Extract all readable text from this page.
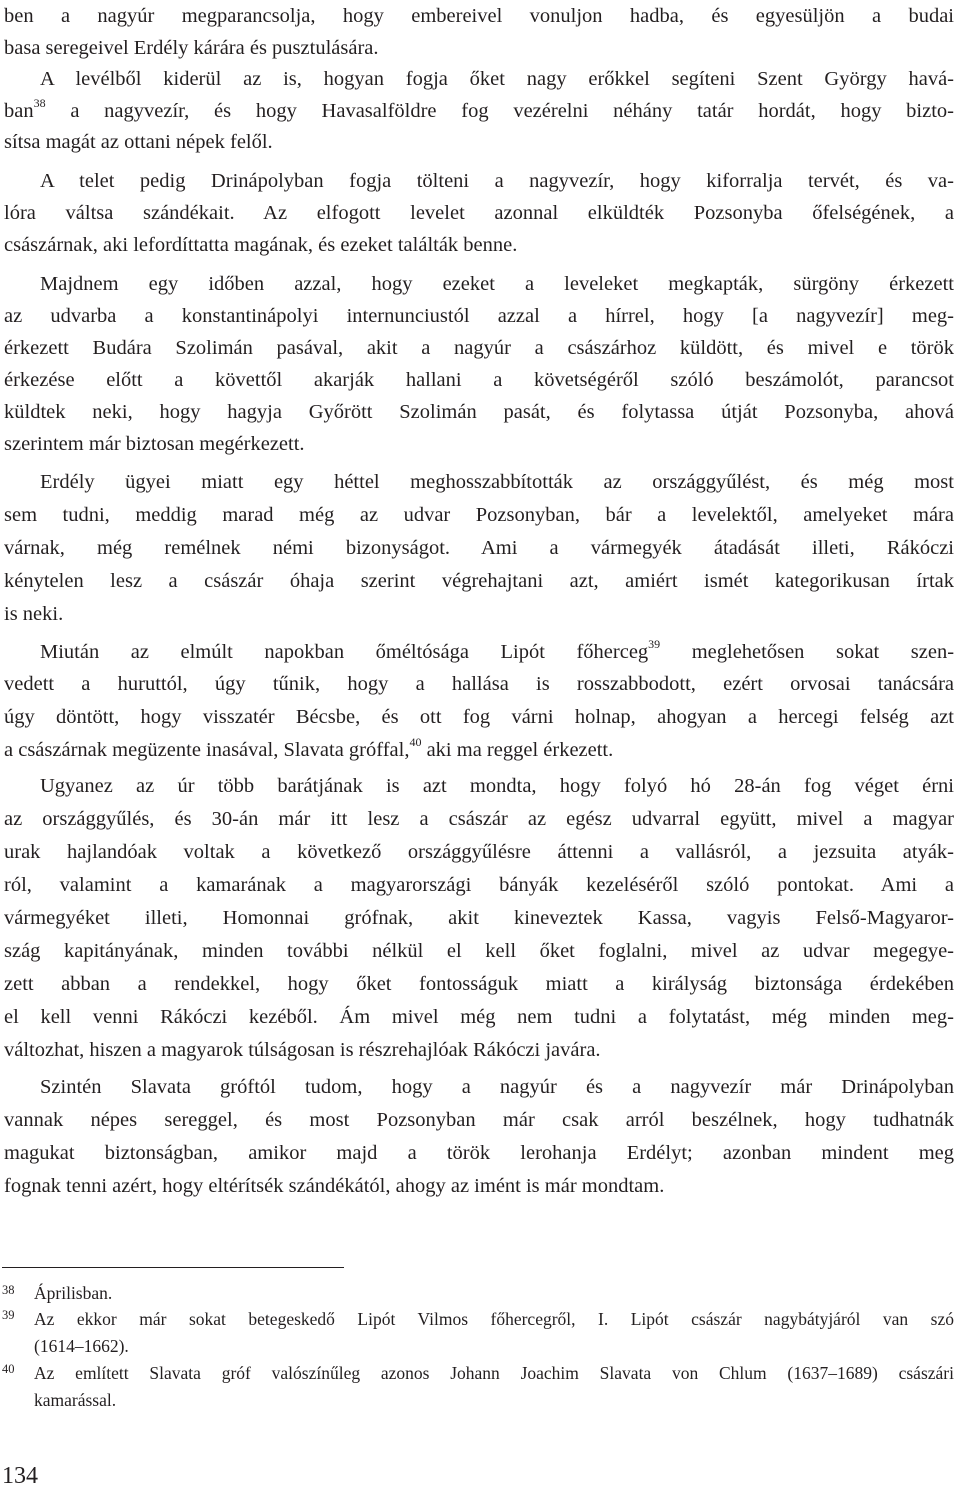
ben a nagyúr megparancsolja, hogy embereivel vonuljon hadba, és egyesüljön a budai
basa seregeivel Erdély kárára és pusztulására.
A levélből kiderül az is, hogyan fogja őket nagy erőkkel segíteni Szent György havá-
ban$^{38}$ a nagyvezír, és hogy Havasalföldre fog vezérelni néhány tatár hordát, hogy bizto-
sítsa magát az ottani népek felől.
A telet pedig Drinápolyban fogja tölteni a nagyvezír, hogy kiforralja tervét, és va-
lóra váltsa szándékait. Az elfogott levelet azonnal elküldték Pozsonyba őfelségének, a
császárnak, aki lefordíttatta magának, és ezeket találták benne.
Majdnem egy időben azzal, hogy ezeket a leveleket megkapták, sürgöny érkezett
az udvarba a konstantinápolyi internunciustól azzal a hírrel, hogy [a nagyvezír] meg-
érkezett Budára Szolimán pasával, akit a nagyúr a császárhoz küldött, és mivel e török
érkezése előtt a követtől akarják hallani a követségéről szóló beszámolót, parancsot
küldtek neki, hogy hagyja Győrött Szolimán pasát, és folytassa útját Pozsonyba, ahová
szerintem már biztosan megérkezett.
Erdély ügyei miatt egy héttel meghosszabbították az országgyűlést, és még most
sem tudni, meddig marad még az udvar Pozsonyban, bár a levelektől, amelyeket mára
várnak, még remélnek némi bizonyságot. Ami a vármegyék átadását illeti, Rákóczi
kénytelen lesz a császár óhaja szerint végrehajtani azt, amiért ismét kategorikusan írtak
is neki.
Miután az elmúlt napokban őméltósága Lipót főherceg$^{39}$ meglehetősen sokat szen-
vedett a huruttól, úgy tűnik, hogy a hallása is rosszabbodott, ezért orvosai tanácsára
úgy döntött, hogy visszatér Bécsbe, és ott fog várni holnap, ahogyan a hercegi felség azt
a császárnak megüzente inasával, Slavata gróffal,$^{40}$ aki ma reggel érkezett.
Ugyanez az úr több barátjának is azt mondta, hogy folyó hó 28-án fog véget érni
az országgyűlés, és 30-án már itt lesz a császár az egész udvarral együtt, mivel a magyar
urak hajlandóak voltak a következő országgyűlésre áttenni a vallásról, a jezsuita atyák-
ról, valamint a kamarának a magyarországi bányák kezeléséről szóló pontokat. Ami a
vármegyéket illeti, Homonnai grófnak, akit kineveztek Kassa, vagyis Felső-Magyaror-
szág kapitányának, minden további nélkül el kell őket foglalni, mivel az udvar megegye-
zett abban a rendekkel, hogy őket fontosságuk miatt a királyság biztonsága érdekében
el kell venni Rákóczi kezéből. Ám mivel még nem tudni a folytatást, még minden meg-
változhat, hiszen a magyarok túlságosan is részrehajlóak Rákóczi javára.
Szintén Slavata gróftól tudom, hogy a nagyúr és a nagyvezír már Drinápolyban
vannak népes sereggel, és most Pozsonyban már csak arról beszélnek, hogy tudhatnák
magukat biztonságban, amikor majd a török lerohanja Erdélyt; azonban mindent meg
fognak tenni azért, hogy eltérítsék szándékától, ahogy az imént is már mondtam.
38 Áprilisban.
39 Az ekkor már sokat betegeskedő Lipót Vilmos főhercegről, I. Lipót császár nagybátyjáról van szó
(1614–1662).
40 Az említett Slavata gróf valószínűleg azonos Johann Joachim Slavata von Chlum (1637–1689) császári
kamarással.
134
